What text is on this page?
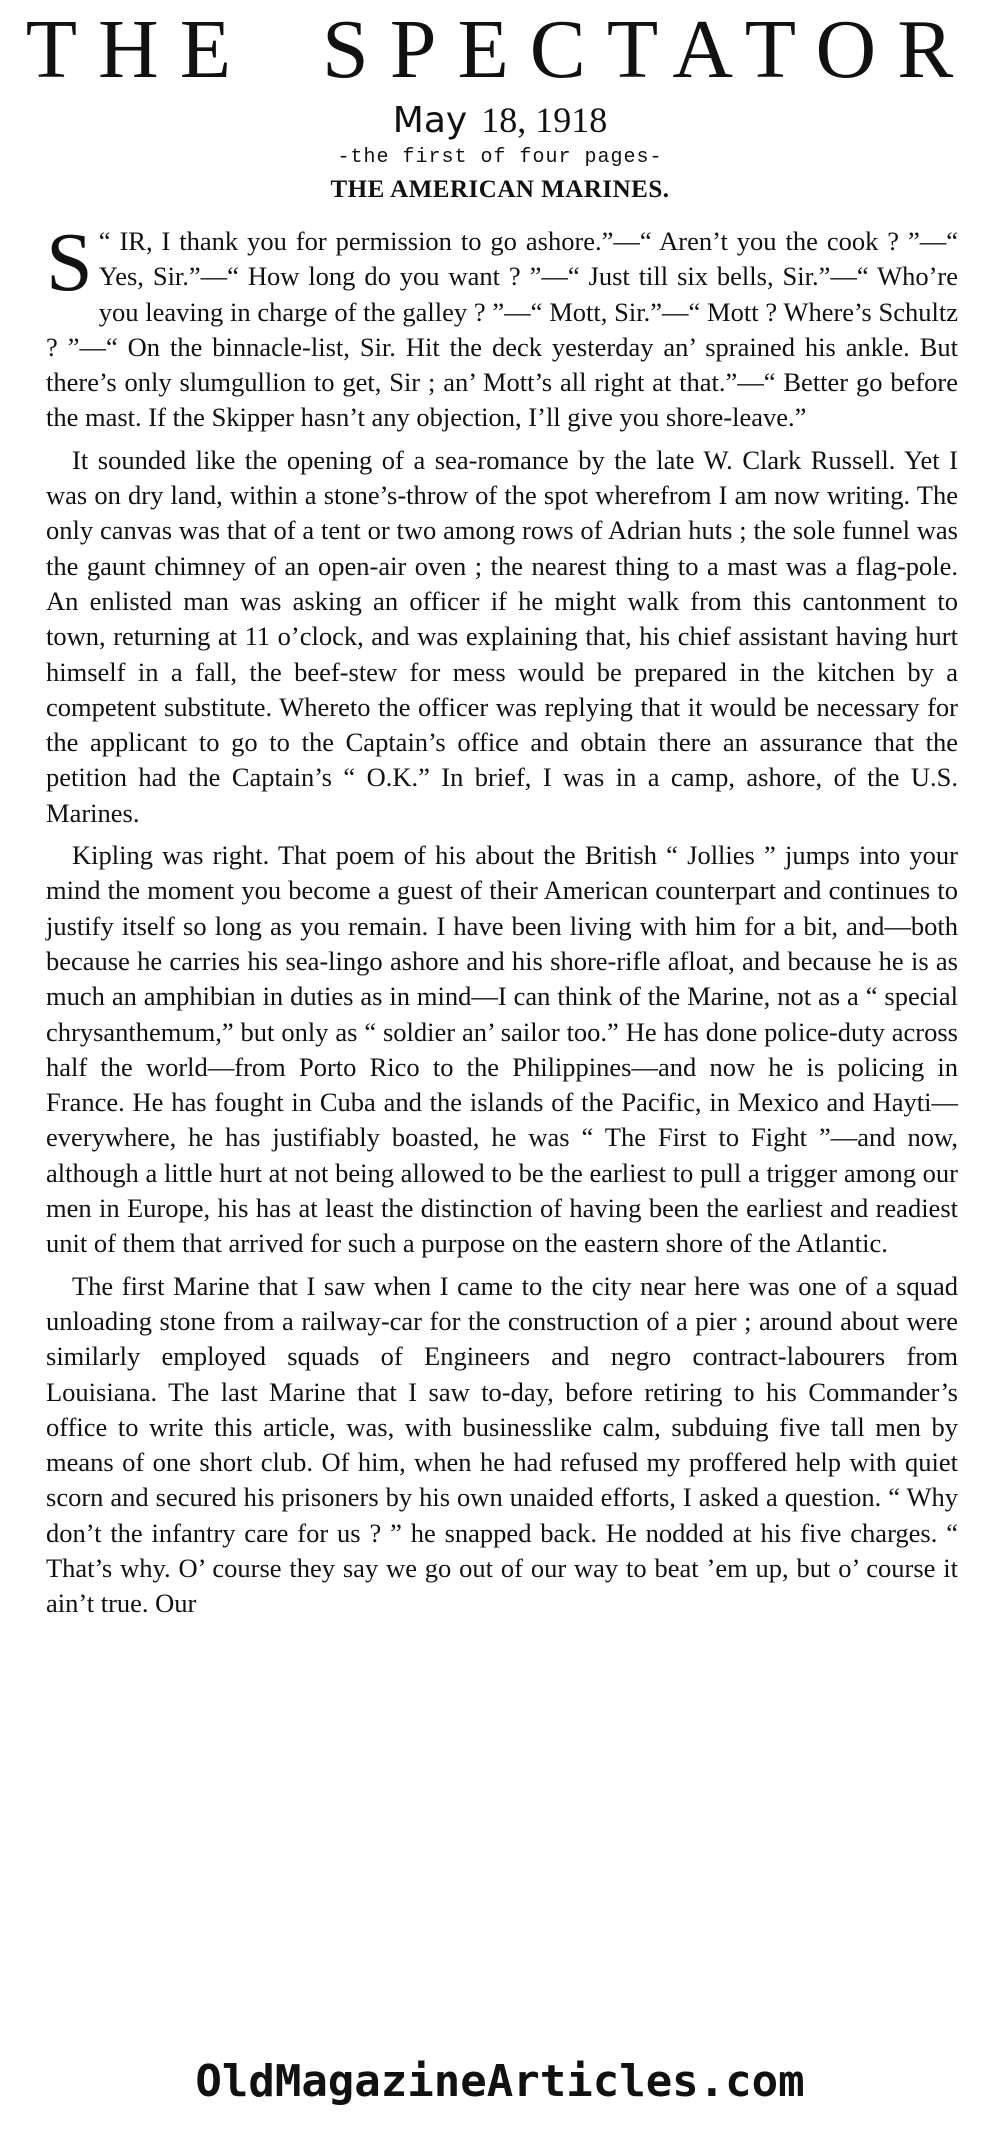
THE SPECTATOR
May 18, 1918
-the first of four pages-
THE AMERICAN MARINES.

“
S IR, I thank you for permission to go ashore.”—“ Aren’t you the cook ? ”—“ Yes, Sir.”—“ How long do you want ? ”—“ Just till six bells, Sir.”—“ Who’re you leaving in charge of the galley ? ”—“ Mott, Sir.”—“ Mott ? Where’s Schultz ? ”—“ On the binnacle-list, Sir. Hit the deck yesterday an’ sprained his ankle. But there’s only slumgullion to get, Sir ; an’ Mott’s all right at that.”—“ Better go before the mast. If the Skipper hasn’t any objection, I’ll give you shore-leave.”

It sounded like the opening of a sea-romance by the late W. Clark Russell. Yet I was on dry land, within a stone’s-throw of the spot wherefrom I am now writing. The only canvas was that of a tent or two among rows of Adrian huts ; the sole funnel was the gaunt chimney of an open-air oven ; the nearest thing to a mast was a flag-pole. An enlisted man was asking an officer if he might walk from this cantonment to town, returning at 11 o’clock, and was explaining that, his chief assistant having hurt himself in a fall, the beef-stew for mess would be prepared in the kitchen by a competent substitute. Whereto the officer was replying that it would be necessary for the applicant to go to the Captain’s office and obtain there an assurance that the petition had the Captain’s “ O.K.” In brief, I was in a camp, ashore, of the U.S. Marines.

Kipling was right. That poem of his about the British “ Jollies ” jumps into your mind the moment you become a guest of their American counterpart and continues to justify itself so long as you remain. I have been living with him for a bit, and—both because he carries his sea-lingo ashore and his shore-rifle afloat, and because he is as much an amphibian in duties as in mind—I can think of the Marine, not as a “ special chrysanthemum,” but only as “ soldier an’ sailor too.” He has done police-duty across half the world—from Porto Rico to the Philippines—and now he is policing in France. He has fought in Cuba and the islands of the Pacific, in Mexico and Hayti—everywhere, he has justifiably boasted, he was “ The First to Fight ”—and now, although a little hurt at not being allowed to be the earliest to pull a trigger among our men in Europe, his has at least the distinction of having been the earliest and readiest unit of them that arrived for such a purpose on the eastern shore of the Atlantic.

The first Marine that I saw when I came to the city near here was one of a squad unloading stone from a railway-car for the construction of a pier ; around about were similarly employed squads of Engineers and negro contract-labourers from Louisiana. The last Marine that I saw to-day, before retiring to his Commander’s office to write this article, was, with businesslike calm, subduing five tall men by means of one short club. Of him, when he had refused my proffered help with quiet scorn and secured his prisoners by his own unaided efforts, I asked a question. “ Why don’t the infantry care for us ? ” he snapped back. He nodded at his five charges. “ That’s why. O’ course they say we go out of our way to beat ’em up, but o’ course it ain’t true. Our

OldMagazineArticles.com
